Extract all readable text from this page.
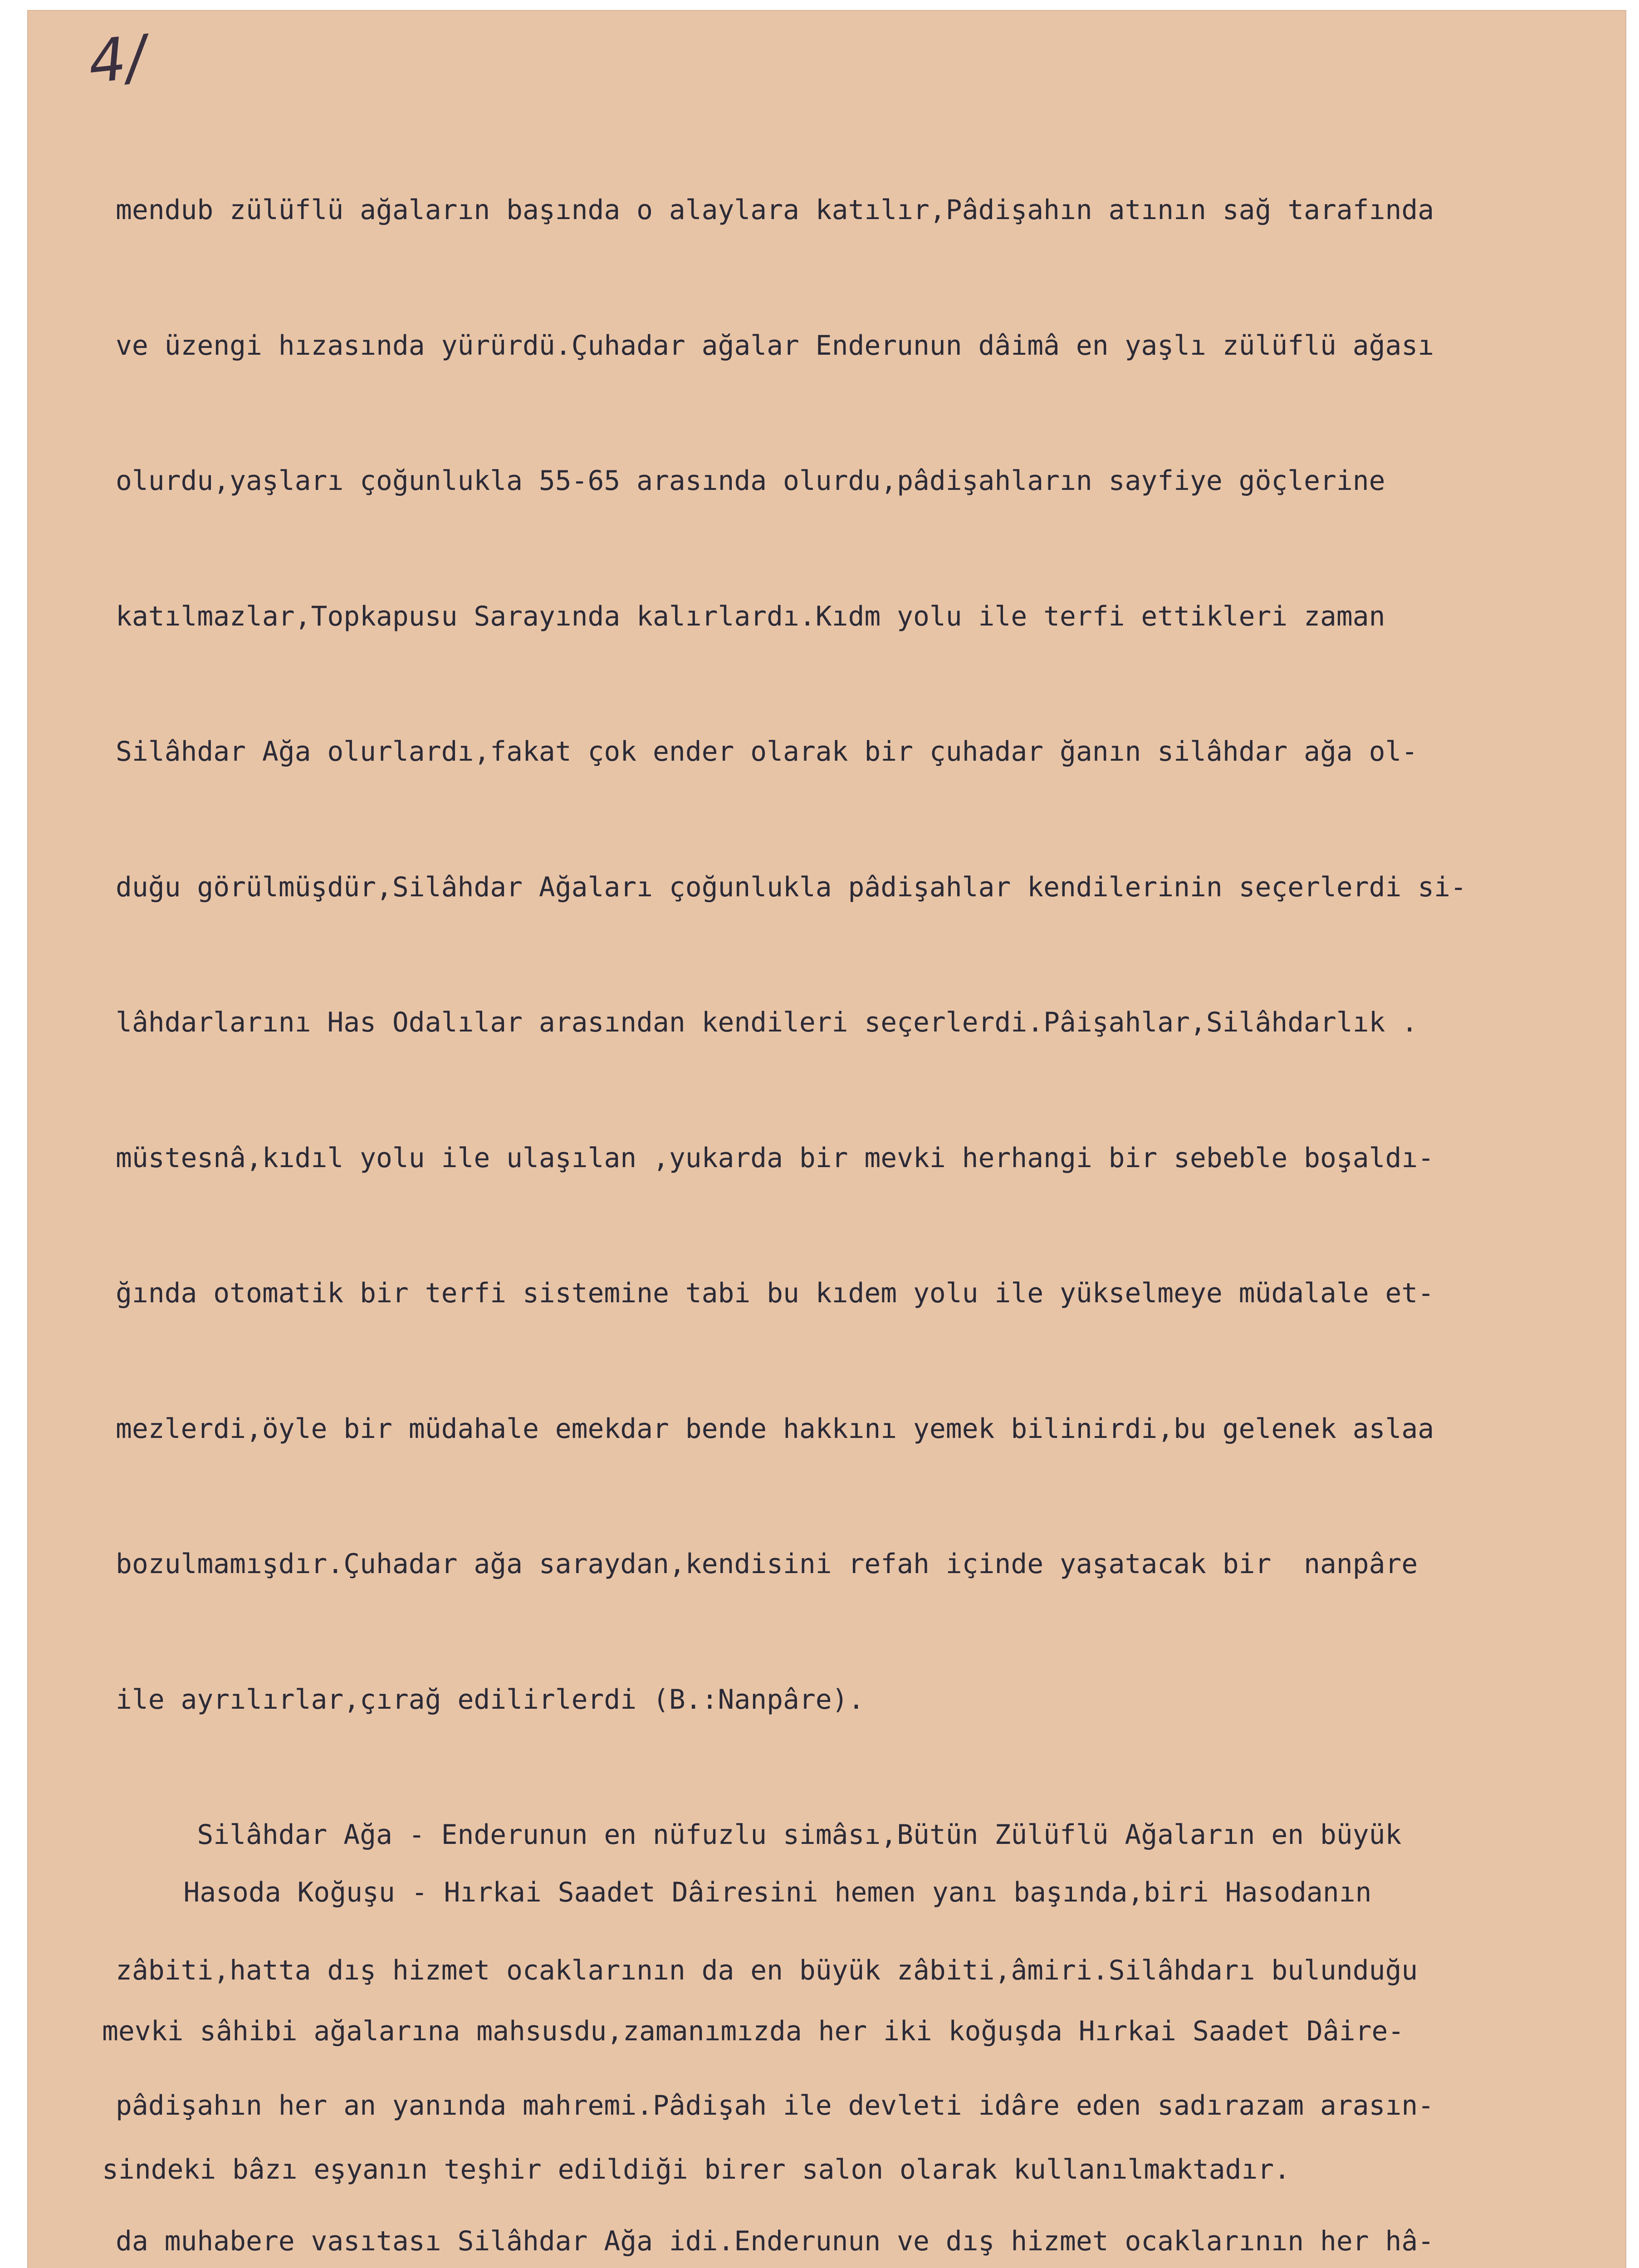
4/

mendub zülüflü ağaların başında o alaylara katılır,Pâdişahın atının sağ tarafında

ve üzengi hızasında yürürdü.Çuhadar ağalar Enderunun dâimâ en yaşlı zülüflü ağası

olurdu,yaşları çoğunlukla 55-65 arasında olurdu,pâdişahların sayfiye göçlerine

katılmazlar,Topkapusu Sarayında kalırlardı.Kıdm yolu ile terfi ettikleri zaman

Silâhdar Ağa olurlardı,fakat çok ender olarak bir çuhadar ğanın silâhdar ağa ol-

duğu görülmüşdür,Silâhdar Ağaları çoğunlukla pâdişahlar kendilerinin seçerlerdi si-

lâhdarlarını Has Odalılar arasından kendileri seçerlerdi.Pâişahlar,Silâhdarlık .

müstesnâ,kıdıl yolu ile ulaşılan ,yukarda bir mevki herhangi bir sebeble boşaldı-

ğında otomatik bir terfi sistemine tabi bu kıdem yolu ile yükselmeye müdalale et-

mezlerdi,öyle bir müdahale emekdar bende hakkını yemek bilinirdi,bu gelenek aslaa

bozulmamışdır.Çuhadar ağa saraydan,kendisini refah içinde yaşatacak bir  nanpâre

ile ayrılırlar,çırağ edilirlerdi (B.:Nanpâre).

Silâhdar Ağa - Enderunun en nüfuzlu simâsı,Bütün Zülüflü Ağaların en büyük

zâbiti,hatta dış hizmet ocaklarının da en büyük zâbiti,âmiri.Silâhdarı bulunduğu

pâdişahın her an yanında mahremi.Pâdişah ile devleti idâre eden sadırazam arasın-

da muhabere vasıtası Silâhdar Ağa idi.Enderunun ve dış hizmet ocaklarının her hâ-

Hasoda Koğuşu - Hırkai Saadet Dâiresini hemen yanı başında,biri Hasodanın

mevki sâhibi ağalarına mahsusdu,zamanımızda her iki koğuşda Hırkai Saadet Dâire-

sindeki bâzı eşyanın teşhir edildiği birer salon olarak kullanılmaktadır.
